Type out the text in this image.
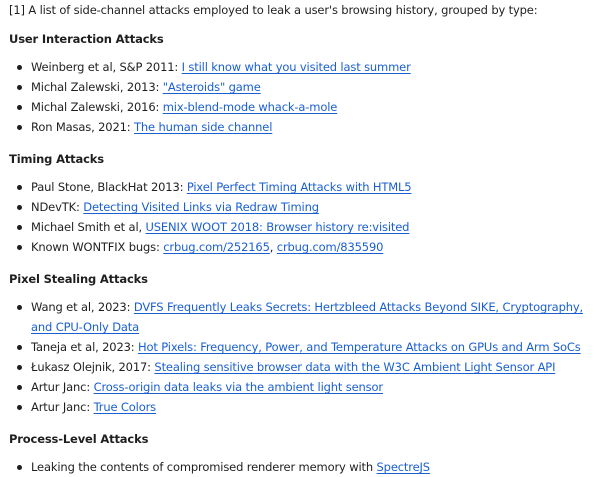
[1] A list of side-channel attacks employed to leak a user's browsing history, grouped by type:

User Interaction Attacks
Weinberg et al, S&P 2011: I still know what you visited last summer
Michal Zalewski, 2013: "Asteroids" game
Michal Zalewski, 2016: mix-blend-mode whack-a-mole
Ron Masas, 2021: The human side channel
Timing Attacks
Paul Stone, BlackHat 2013: Pixel Perfect Timing Attacks with HTML5
NDevTK: Detecting Visited Links via Redraw Timing
Michael Smith et al, USENIX WOOT 2018: Browser history re:visited
Known WONTFIX bugs: crbug.com/252165, crbug.com/835590
Pixel Stealing Attacks
Wang et al, 2023: DVFS Frequently Leaks Secrets: Hertzbleed Attacks Beyond SIKE, Cryptography, and CPU-Only Data
Taneja et al, 2023: Hot Pixels: Frequency, Power, and Temperature Attacks on GPUs and Arm SoCs
Łukasz Olejnik, 2017: Stealing sensitive browser data with the W3C Ambient Light Sensor API
Artur Janc: Cross-origin data leaks via the ambient light sensor
Artur Janc: True Colors
Process-Level Attacks
Leaking the contents of compromised renderer memory with SpectreJS
